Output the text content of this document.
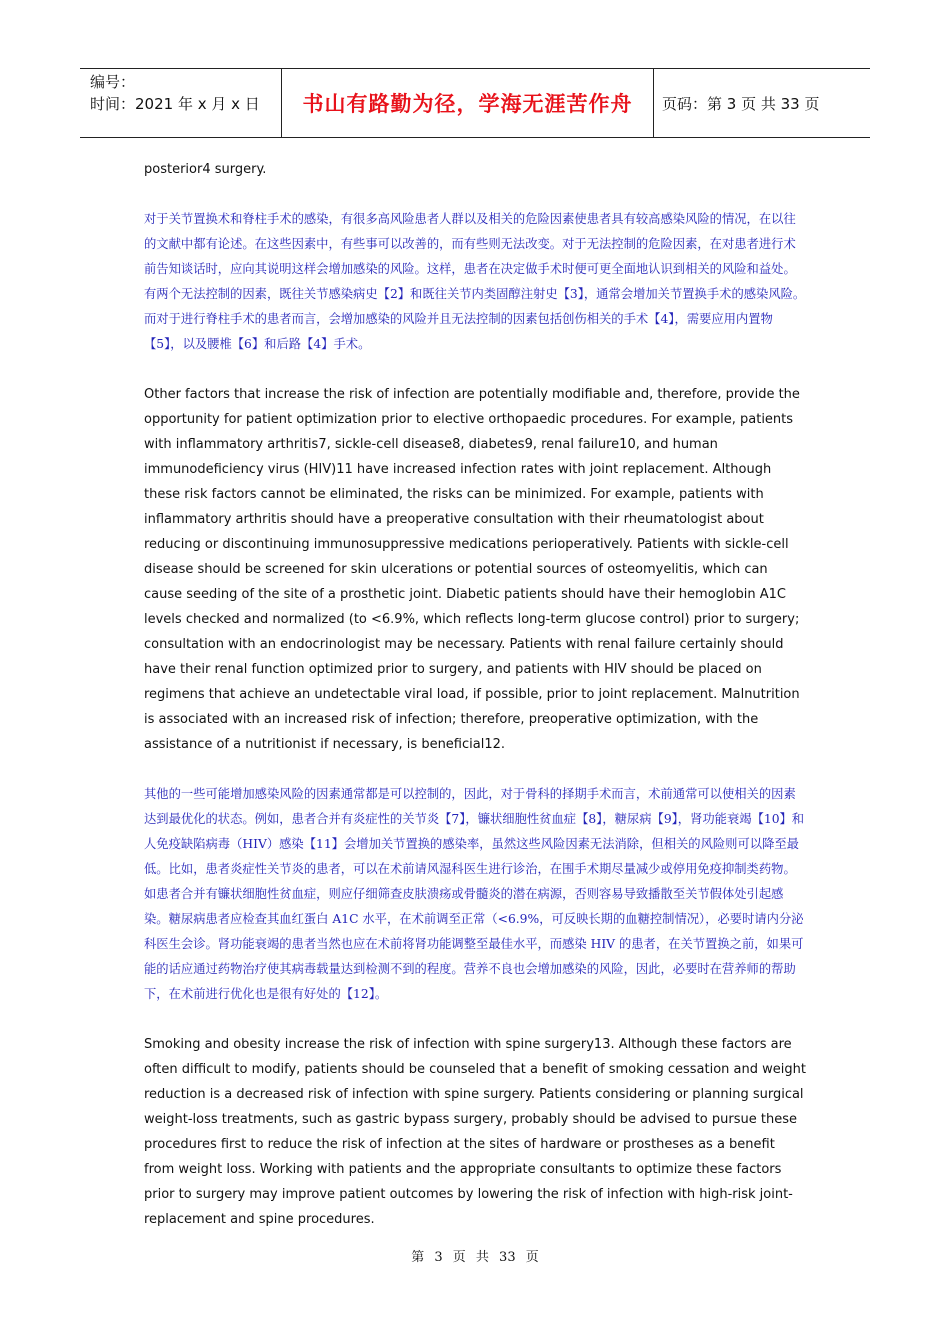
编号：
时间：2021 年 x 月 x 日	书山有路勤为径，学海无涯苦作舟	页码：第 3 页 共 33 页

posterior4 surgery.

对于关节置换术和脊柱手术的感染，有很多高风险患者人群以及相关的危险因素使患者具有较高感染风险的情况，在以往的文献中都有论述。在这些因素中，有些事可以改善的，而有些则无法改变。对于无法控制的危险因素，在对患者进行术前告知谈话时，应向其说明这样会增加感染的风险。这样，患者在决定做手术时便可更全面地认识到相关的风险和益处。有两个无法控制的因素，既往关节感染病史【2】和既往关节内类固醇注射史【3】，通常会增加关节置换手术的感染风险。而对于进行脊柱手术的患者而言，会增加感染的风险并且无法控制的因素包括创伤相关的手术【4】，需要应用内置物【5】，以及腰椎【6】和后路【4】手术。

Other factors that increase the risk of infection are potentially modifiable and, therefore, provide the opportunity for patient optimization prior to elective orthopaedic procedures. For example, patients with inflammatory arthritis7, sickle-cell disease8, diabetes9, renal failure10, and human immunodeficiency virus (HIV)11 have increased infection rates with joint replacement. Although these risk factors cannot be eliminated, the risks can be minimized. For example, patients with inflammatory arthritis should have a preoperative consultation with their rheumatologist about reducing or discontinuing immunosuppressive medications perioperatively. Patients with sickle-cell disease should be screened for skin ulcerations or potential sources of osteomyelitis, which can cause seeding of the site of a prosthetic joint. Diabetic patients should have their hemoglobin A1C levels checked and normalized (to <6.9%, which reflects long-term glucose control) prior to surgery; consultation with an endocrinologist may be necessary. Patients with renal failure certainly should have their renal function optimized prior to surgery, and patients with HIV should be placed on regimens that achieve an undetectable viral load, if possible, prior to joint replacement. Malnutrition is associated with an increased risk of infection; therefore, preoperative optimization, with the assistance of a nutritionist if necessary, is beneficial12.

其他的一些可能增加感染风险的因素通常都是可以控制的，因此，对于骨科的择期手术而言，术前通常可以使相关的因素达到最优化的状态。例如，患者合并有炎症性的关节炎【7】，镰状细胞性贫血症【8】，糖尿病【9】，肾功能衰竭【10】和人免疫缺陷病毒（HIV）感染【11】会增加关节置换的感染率，虽然这些风险因素无法消除，但相关的风险则可以降至最低。比如，患者炎症性关节炎的患者，可以在术前请风湿科医生进行诊治，在围手术期尽量减少或停用免疫抑制类药物。如患者合并有镰状细胞性贫血症，则应仔细筛查皮肤溃疡或骨髓炎的潜在病源，否则容易导致播散至关节假体处引起感染。糖尿病患者应检查其血红蛋白 A1C 水平，在术前调至正常（<6.9%，可反映长期的血糖控制情况），必要时请内分泌科医生会诊。肾功能衰竭的患者当然也应在术前将肾功能调整至最佳水平，而感染 HIV 的患者，在关节置换之前，如果可能的话应通过药物治疗使其病毒载量达到检测不到的程度。营养不良也会增加感染的风险，因此，必要时在营养师的帮助下，在术前进行优化也是很有好处的【12】。

Smoking and obesity increase the risk of infection with spine surgery13. Although these factors are often difficult to modify, patients should be counseled that a benefit of smoking cessation and weight reduction is a decreased risk of infection with spine surgery. Patients considering or planning surgical weight-loss treatments, such as gastric bypass surgery, probably should be advised to pursue these procedures first to reduce the risk of infection at the sites of hardware or prostheses as a benefit from weight loss. Working with patients and the appropriate consultants to optimize these factors prior to surgery may improve patient outcomes by lowering the risk of infection with high-risk joint-replacement and spine procedures.

第 3 页 共 33 页
